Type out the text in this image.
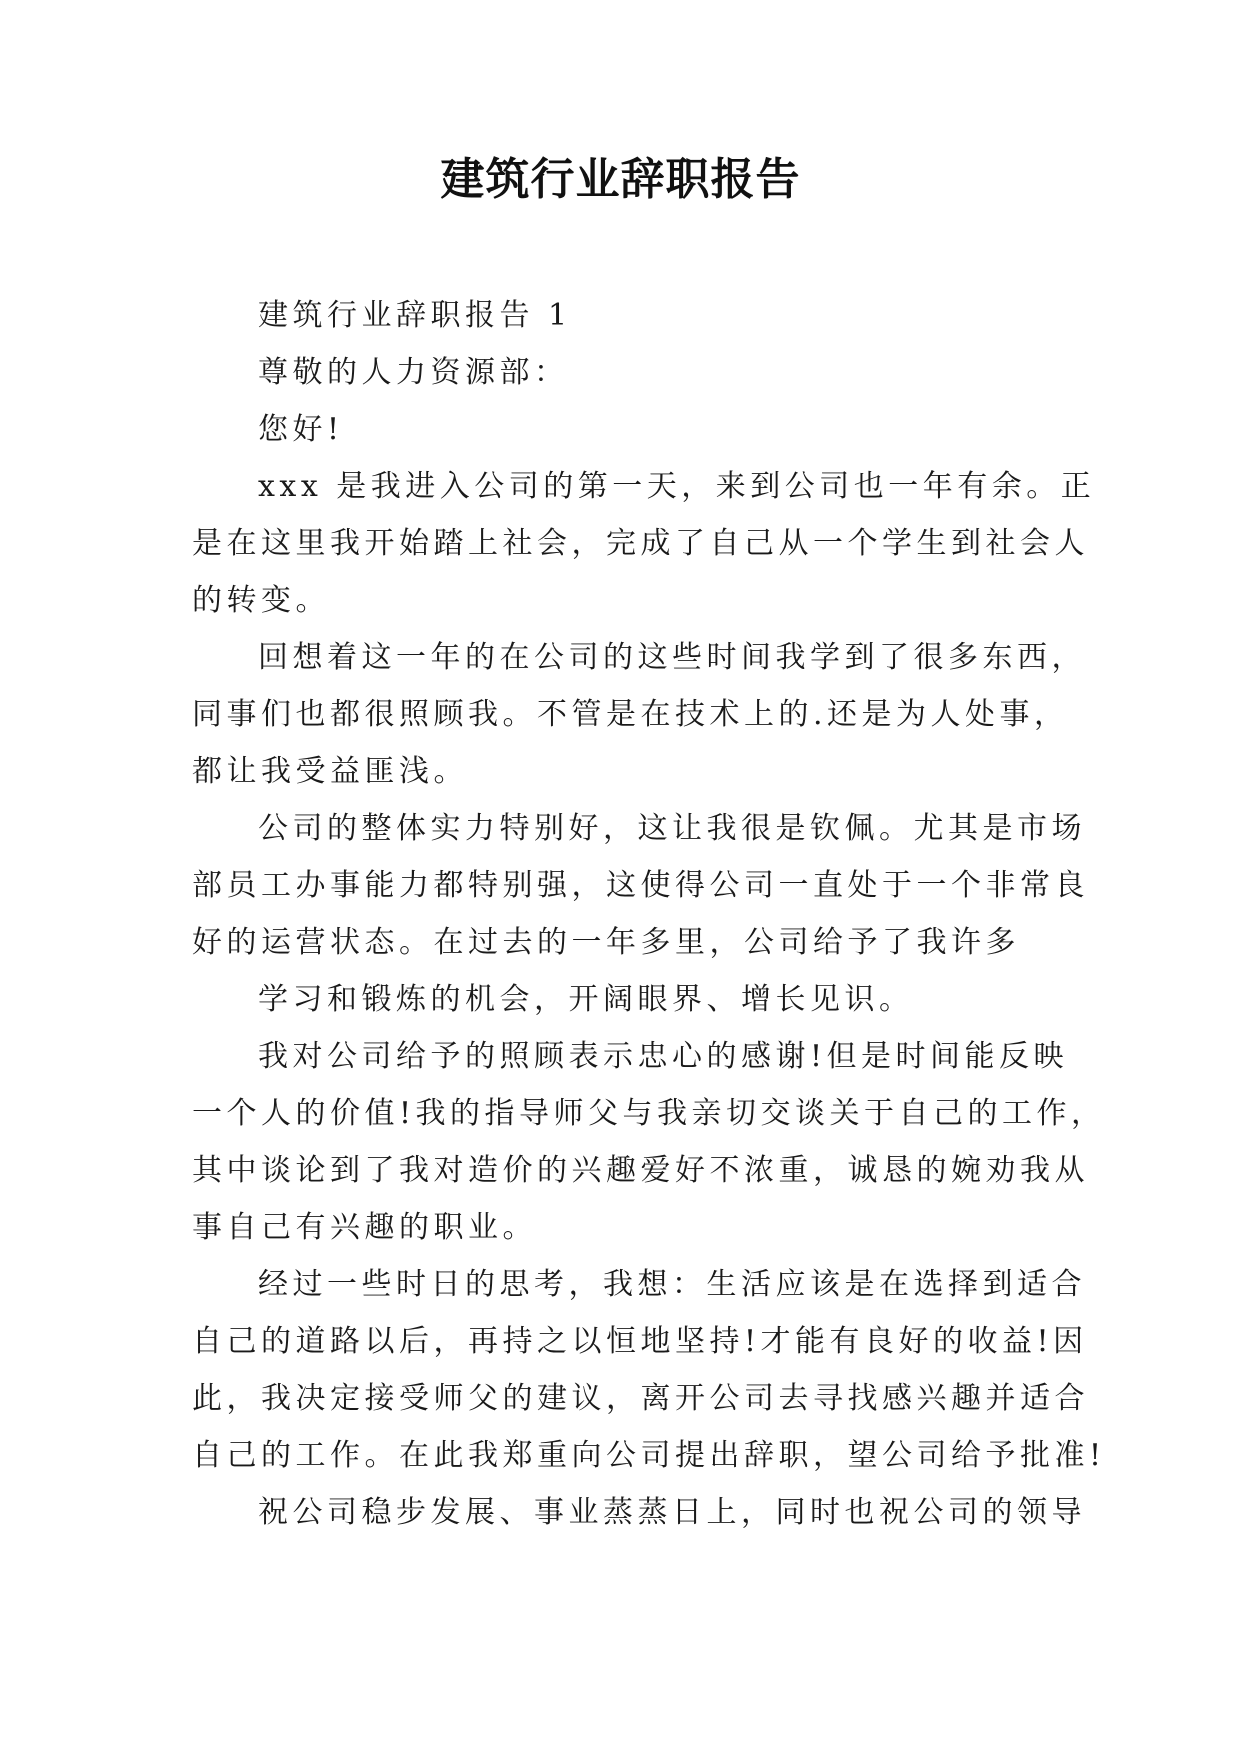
建筑行业辞职报告

建筑行业辞职报告 1

尊敬的人力资源部：

您好!

xxx 是我进入公司的第一天，来到公司也一年有余。正

是在这里我开始踏上社会，完成了自己从一个学生到社会人

的转变。

回想着这一年的在公司的这些时间我学到了很多东西，

同事们也都很照顾我。不管是在技术上的.还是为人处事，

都让我受益匪浅。

公司的整体实力特别好，这让我很是钦佩。尤其是市场

部员工办事能力都特别强，这使得公司一直处于一个非常良

好的运营状态。在过去的一年多里，公司给予了我许多

学习和锻炼的机会，开阔眼界、增长见识。

我对公司给予的照顾表示忠心的感谢!但是时间能反映

一个人的价值!我的指导师父与我亲切交谈关于自己的工作，

其中谈论到了我对造价的兴趣爱好不浓重，诚恳的婉劝我从

事自己有兴趣的职业。

经过一些时日的思考，我想：生活应该是在选择到适合

自己的道路以后，再持之以恒地坚持!才能有良好的收益!因

此，我决定接受师父的建议，离开公司去寻找感兴趣并适合

自己的工作。在此我郑重向公司提出辞职，望公司给予批准!

祝公司稳步发展、事业蒸蒸日上，同时也祝公司的领导
